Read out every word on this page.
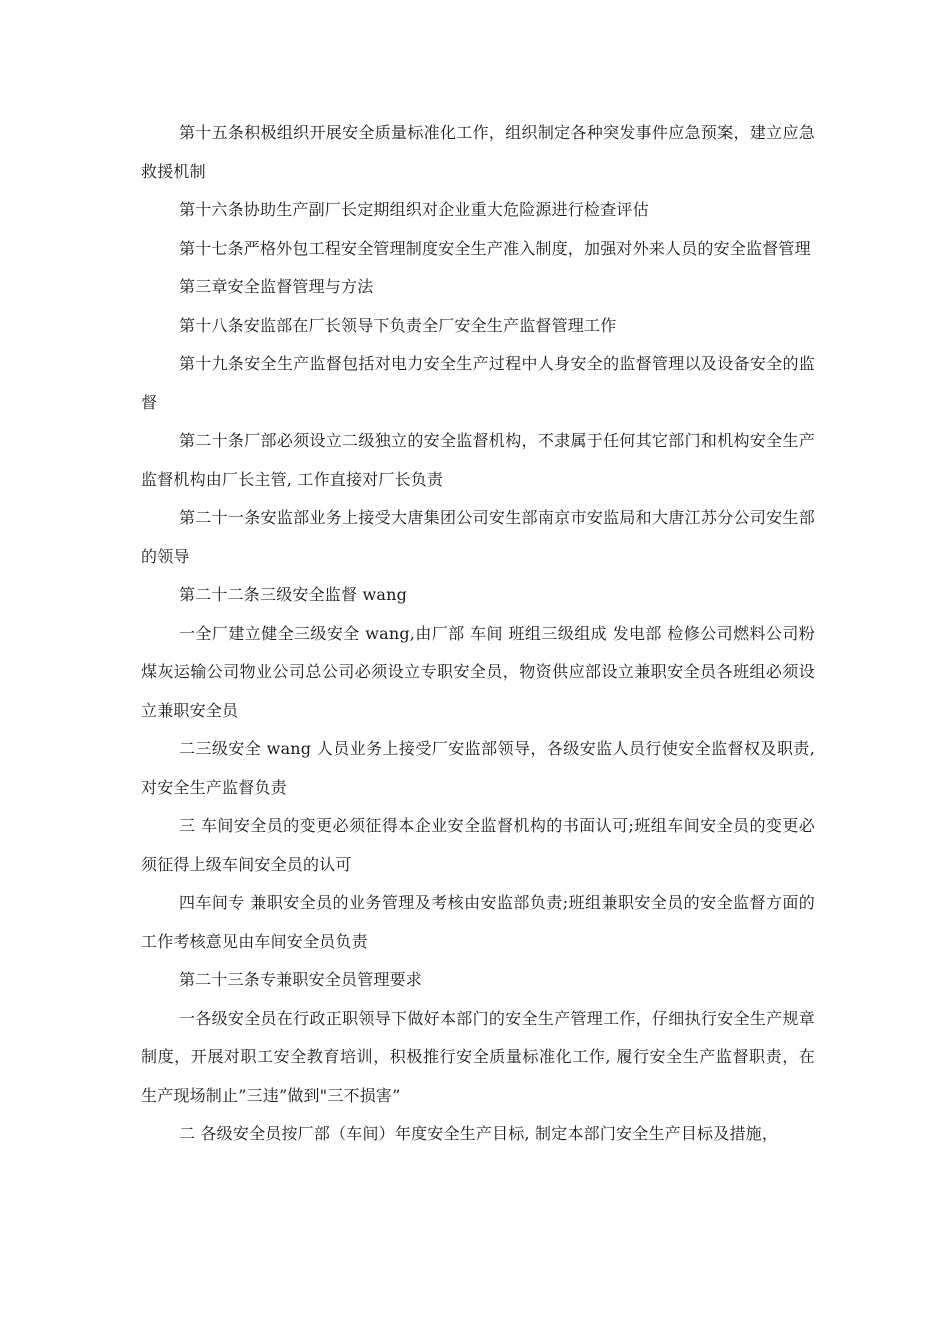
第十五条积极组织开展安全质量标准化工作，组织制定各种突发事件应急预案，建立应急救援机制

第十六条协助生产副厂长定期组织对企业重大危险源进行检查评估

第十七条严格外包工程安全管理制度安全生产准入制度，加强对外来人员的安全监督管理

第三章安全监督管理与方法

第十八条安监部在厂长领导下负责全厂安全生产监督管理工作

第十九条安全生产监督包括对电力安全生产过程中人身安全的监督管理以及设备安全的监督

第二十条厂部必须设立二级独立的安全监督机构，不隶属于任何其它部门和机构安全生产监督机构由厂长主管, 工作直接对厂长负责

第二十一条安监部业务上接受大唐集团公司安生部南京市安监局和大唐江苏分公司安生部的领导

第二十二条三级安全监督 wang

一全厂建立健全三级安全 wang,由厂部 车间 班组三级组成 发电部 检修公司燃料公司粉煤灰运输公司物业公司总公司必须设立专职安全员，物资供应部设立兼职安全员各班组必须设立兼职安全员

二三级安全 wang 人员业务上接受厂安监部领导，各级安监人员行使安全监督权及职责, 对安全生产监督负责

三 车间安全员的变更必须征得本企业安全监督机构的书面认可;班组车间安全员的变更必须征得上级车间安全员的认可

四车间专 兼职安全员的业务管理及考核由安监部负责;班组兼职安全员的安全监督方面的工作考核意见由车间安全员负责

第二十三条专兼职安全员管理要求

一各级安全员在行政正职领导下做好本部门的安全生产管理工作，仔细执行安全生产规章制度，开展对职工安全教育培训，积极推行安全质量标准化工作, 履行安全生产监督职责，在生产现场制止”三违”做到"三不损害”

二 各级安全员按厂部（车间）年度安全生产目标, 制定本部门安全生产目标及措施，
